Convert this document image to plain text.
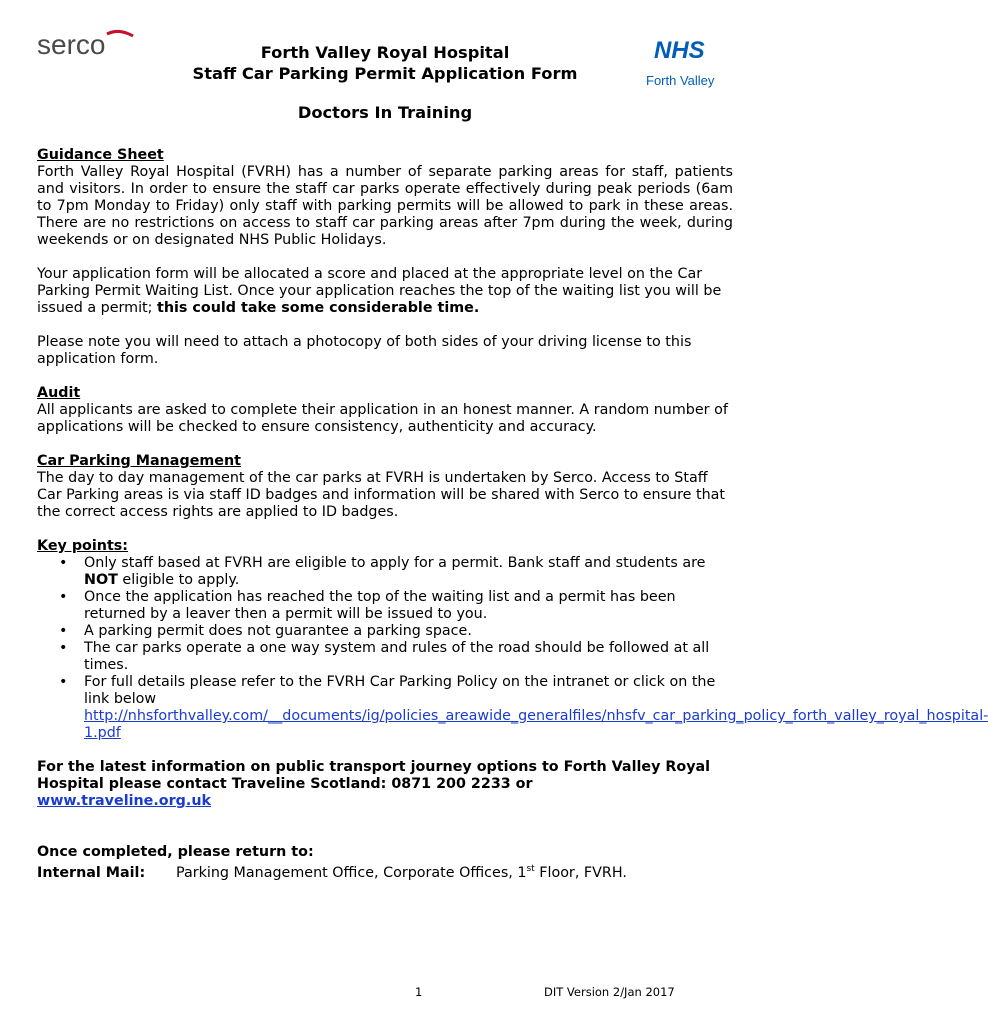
serco	NHS
Forth Valley
Forth Valley Royal Hospital
Staff Car Parking Permit Application Form
Doctors In Training

Guidance Sheet

Forth Valley Royal Hospital (FVRH) has a number of separate parking areas for staff, patients and visitors. In order to ensure the staff car parks operate effectively during peak periods (6am to 7pm Monday to Friday) only staff with parking permits will be allowed to park in these areas. There are no restrictions on access to staff car parking areas after 7pm during the week, during weekends or on designated NHS Public Holidays.

Your application form will be allocated a score and placed at the appropriate level on the Car Parking Permit Waiting List. Once your application reaches the top of the waiting list you will be issued a permit; this could take some considerable time.

Please note you will need to attach a photocopy of both sides of your driving license to this application form.

Audit

All applicants are asked to complete their application in an honest manner. A random number of applications will be checked to ensure consistency, authenticity and accuracy.

Car Parking Management

The day to day management of the car parks at FVRH is undertaken by Serco. Access to Staff Car Parking areas is via staff ID badges and information will be shared with Serco to ensure that the correct access rights are applied to ID badges.

Key points:

• Only staff based at FVRH are eligible to apply for a permit. Bank staff and students are NOT eligible to apply.
• Once the application has reached the top of the waiting list and a permit has been returned by a leaver then a permit will be issued to you.
• A parking permit does not guarantee a parking space.
• The car parks operate a one way system and rules of the road should be followed at all times.
• For full details please refer to the FVRH Car Parking Policy on the intranet or click on the link below
http://nhsforthvalley.com/__documents/ig/policies_areawide_generalfiles/nhsfv_car_parking_policy_forth_valley_royal_hospital-1.pdf

For the latest information on public transport journey options to Forth Valley Royal Hospital please contact Traveline Scotland: 0871 200 2233 or
www.traveline.org.uk

Once completed, please return to:

Internal Mail: Parking Management Office, Corporate Offices, 1st Floor, FVRH.

1	DIT Version 2/Jan 2017
